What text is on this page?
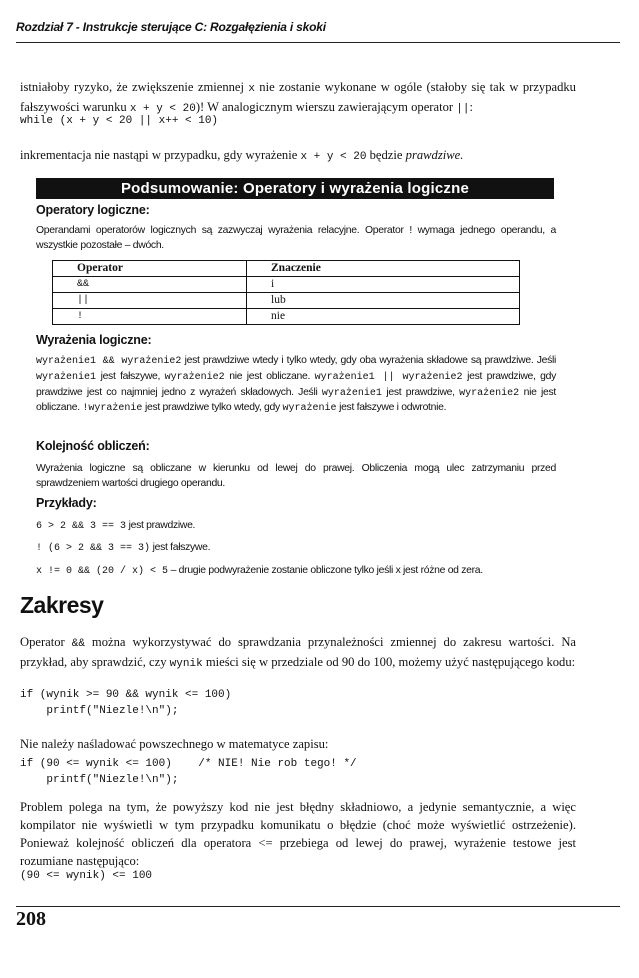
Rozdział 7 - Instrukcje sterujące C: Rozgałęzienia i skoki
istniałoby ryzyko, że zwiększenie zmiennej x nie zostanie wykonane w ogóle (stałoby się tak w przypadku fałszywości warunku x + y < 20)! W analogicznym wierszu zawierającym operator ||:
while (x + y < 20 || x++ < 10)
inkrementacja nie nastąpi w przypadku, gdy wyrażenie x + y < 20 będzie prawdziwe.
Podsumowanie: Operatory i wyrażenia logiczne
Operatory logiczne:
Operandami operatorów logicznych są zazwyczaj wyrażenia relacyjne. Operator ! wymaga jednego operandu, a wszystkie pozostałe – dwóch.
Operator	Znaczenie
&&	i
||	lub
!	nie
Wyrażenia logiczne:
wyrażenie1 && wyrażenie2 jest prawdziwe wtedy i tylko wtedy, gdy oba wyrażenia składowe są prawdziwe. Jeśli wyrażenie1 jest fałszywe, wyrażenie2 nie jest obliczane. wyrażenie1 || wyrażenie2 jest prawdziwe, gdy prawdziwe jest co najmniej jedno z wyrażeń składowych. Jeśli wyrażenie1 jest prawdziwe, wyrażenie2 nie jest obliczane. !wyrażenie jest prawdziwe tylko wtedy, gdy wyrażenie jest fałszywe i odwrotnie.
Kolejność obliczeń:
Wyrażenia logiczne są obliczane w kierunku od lewej do prawej. Obliczenia mogą ulec zatrzymaniu przed sprawdzeniem wartości drugiego operandu.
Przykłady:
6 > 2 && 3 == 3 jest prawdziwe.
! (6 > 2 && 3 == 3) jest fałszywe.
x != 0 && (20 / x) < 5 – drugie podwyrażenie zostanie obliczone tylko jeśli x jest różne od zera.
Zakresy
Operator && można wykorzystywać do sprawdzania przynależności zmiennej do zakresu wartości. Na przykład, aby sprawdzić, czy wynik mieści się w przedziale od 90 do 100, możemy użyć następującego kodu:
if (wynik >= 90 && wynik <= 100)
printf("Niezle!\n");
Nie należy naśladować powszechnego w matematyce zapisu:
if (90 <= wynik <= 100)    /* NIE! Nie rob tego! */
printf("Niezle!\n");
Problem polega na tym, że powyższy kod nie jest błędny składniowo, a jedynie semantycznie, a więc kompilator nie wyświetli w tym przypadku komunikatu o błędzie (choć może wyświetlić ostrzeżenie). Ponieważ kolejność obliczeń dla operatora <= przebiega od lewej do prawej, wyrażenie testowe jest rozumiane następująco:
(90 <= wynik) <= 100
208
